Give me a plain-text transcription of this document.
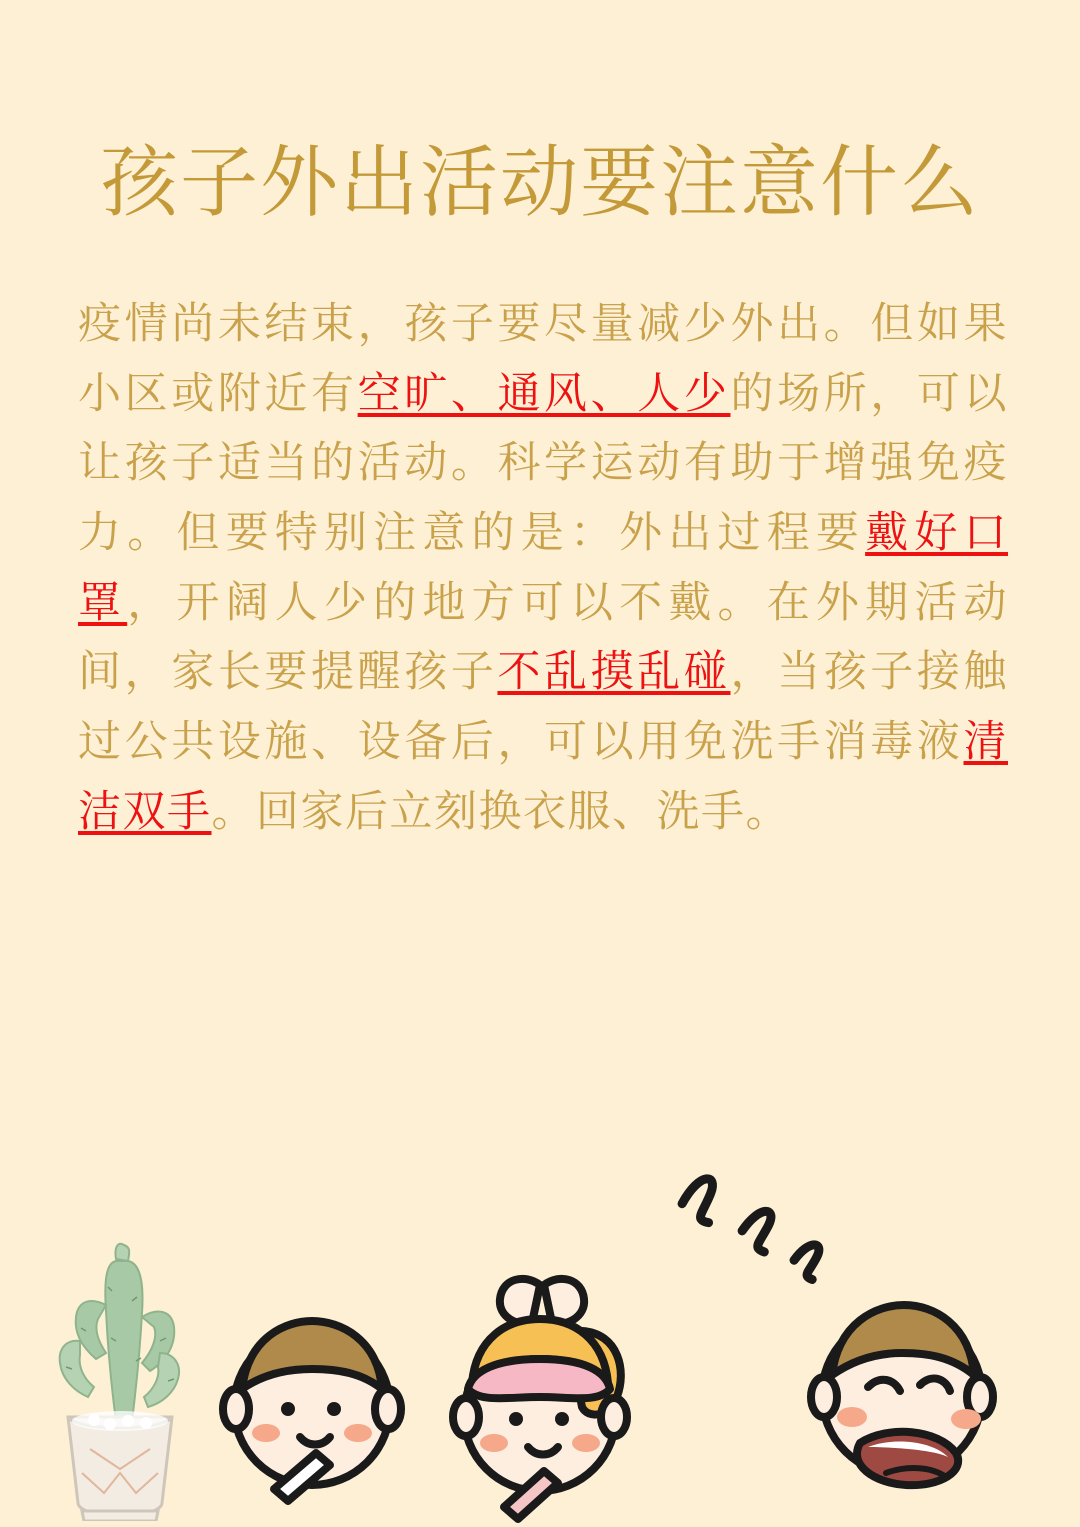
孩子外出活动要注意什么
疫情尚未结束，孩子要尽量减少外出。但如果小区或附近有空旷、通风、人少的场所，可以让孩子适当的活动。科学运动有助于增强免疫力。但要特别注意的是：外出过程要戴好口罩，开阔人少的地方可以不戴。在外期活动间，家长要提醒孩子不乱摸乱碰，当孩子接触过公共设施、设备后，可以用免洗手消毒液清洁双手。回家后立刻换衣服、洗手。
